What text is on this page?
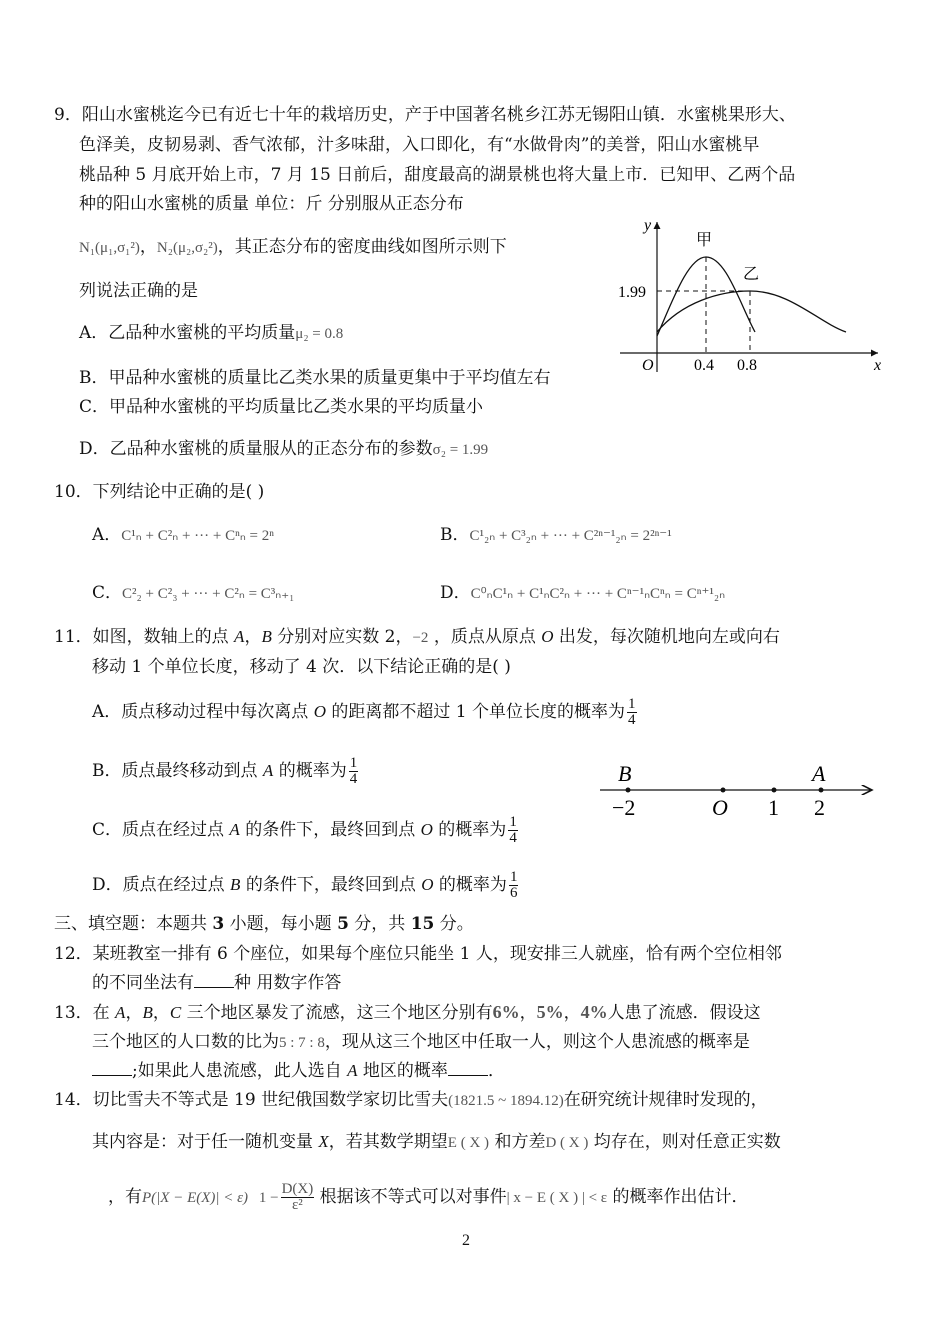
9．阳山水蜜桃迄今已有近七十年的栽培历史，产于中国著名桃乡江苏无锡阳山镇．水蜜桃果形大、
色泽美，皮韧易剥、香气浓郁，汁多味甜，入口即化，有“水做骨肉”的美誉，阳山水蜜桃早
桃品种 5 月底开始上市，7 月 15 日前后，甜度最高的湖景桃也将大量上市．已知甲、乙两个品
种的阳山水蜜桃的质量 单位：斤 分别服从正态分布
N₁(μ₁,σ₁²)，N₂(μ₂,σ₂²)，其正态分布的密度曲线如图所示则下
列说法正确的是
A．乙品种水蜜桃的平均质量μ₂ = 0.8
B．甲品种水蜜桃的质量比乙类水果的质量更集中于平均值左右
C．甲品种水蜜桃的平均质量比乙类水果的平均质量小
D．乙品种水蜜桃的质量服从的正态分布的参数σ₂ = 1.99
y
x
O
1.99
0.4 0.8
甲
乙
10．下列结论中正确的是( )
A．C¹ₙ + C²ₙ + ··· + Cⁿₙ = 2ⁿ	B．C¹₂ₙ + C³₂ₙ + ··· + C²ⁿ⁻¹₂ₙ = 2²ⁿ⁻¹
C．C²₂ + C²₃ + ··· + C²ₙ = C³ₙ₊₁	D．C⁰ₙC¹ₙ + C¹ₙC²ₙ + ··· + Cⁿ⁻¹ₙCⁿₙ = Cⁿ⁺¹₂ₙ
11．如图，数轴上的点 A，B 分别对应实数 2，−2 ，质点从原点 O 出发，每次随机地向左或向右
移动 1 个单位长度，移动了 4 次．以下结论正确的是( )
A．质点移动过程中每次离点 O 的距离都不超过 1 个单位长度的概率为 $\frac{1}{4}$
B．质点最终移动到点 A 的概率为 $\frac{1}{4}$
C．质点在经过点 A 的条件下，最终回到点 O 的概率为 $\frac{1}{4}$
D．质点在经过点 B 的条件下，最终回到点 O 的概率为 $\frac{1}{6}$
B	A
−2	O 1 2
三、填空题：本题共 3 小题，每小题 5 分，共 15 分。
12．某班教室一排有 6 个座位，如果每个座位只能坐 1 人，现安排三人就座，恰有两个空位相邻
的不同坐法有 种 用数字作答
13．在 A，B，C 三个地区暴发了流感，这三个地区分别有6%，5%，4%人患了流感．假设这
三个地区的人口数的比为5 : 7 : 8，现从这三个地区中任取一人，则这个人患流感的概率是
;如果此人患流感，此人选自 A 地区的概率 ．
14．切比雪夫不等式是 19 世纪俄国数学家切比雪夫(1821.5 ~ 1894.12)在研究统计规律时发现的，
其内容是：对于任一随机变量 X，若其数学期望E ( X ) 和方差D ( X ) 均存在，则对任意正实数
，有P(|X − E(X)| < ε) $1 - \frac{D(X)}{\text{ε²}}$ 根据该不等式可以对事件| x − E ( X ) | < ε 的概率作出估计．
2
